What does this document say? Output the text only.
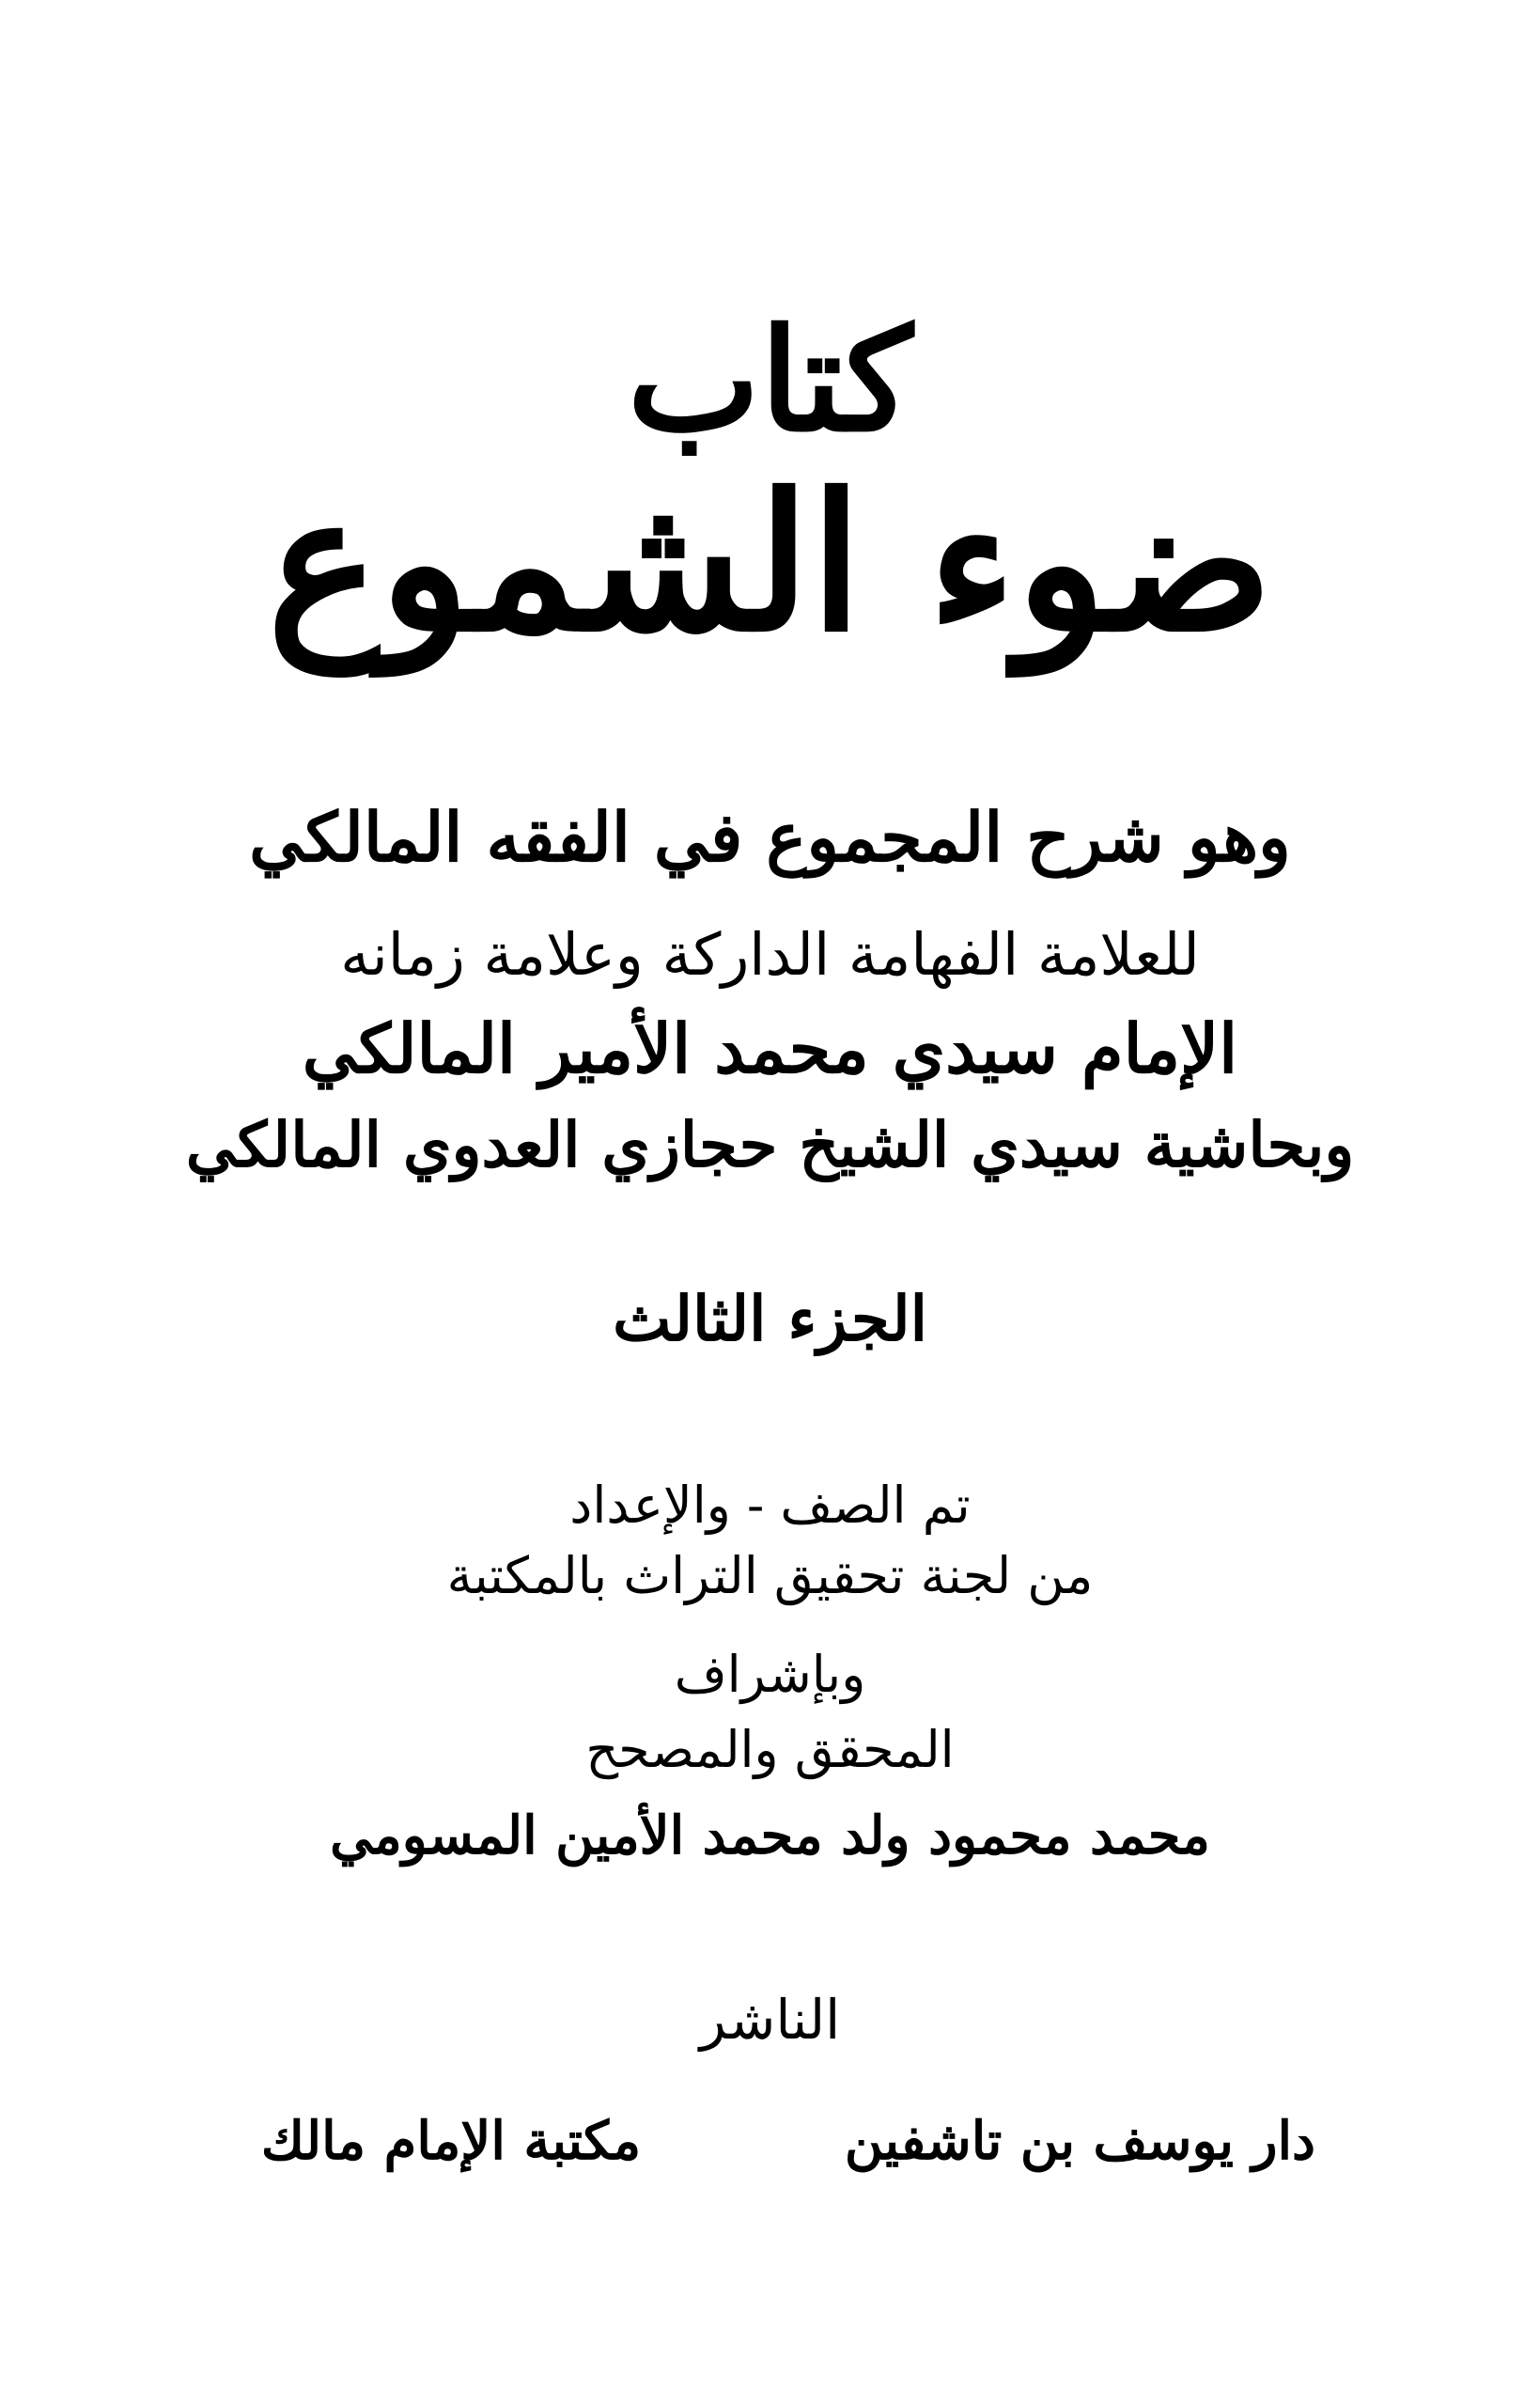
كتاب
ضوء الشموع
وهو شرح المجموع في الفقه المالكي
للعلامة الفهامة الداركة وعلامة زمانه
الإمام سيدي محمد الأمير المالكي
وبحاشية سيدي الشيخ حجازي العدوي المالكي
الجزء الثالث
تم الصف - والإعداد
من لجنة تحقيق التراث بالمكتبة
وبإشراف
المحقق والمصحح
محمد محمود ولد محمد الأمين المسومي
الناشر
دار يوسف بن تاشفين
مكتبة الإمام مالك
